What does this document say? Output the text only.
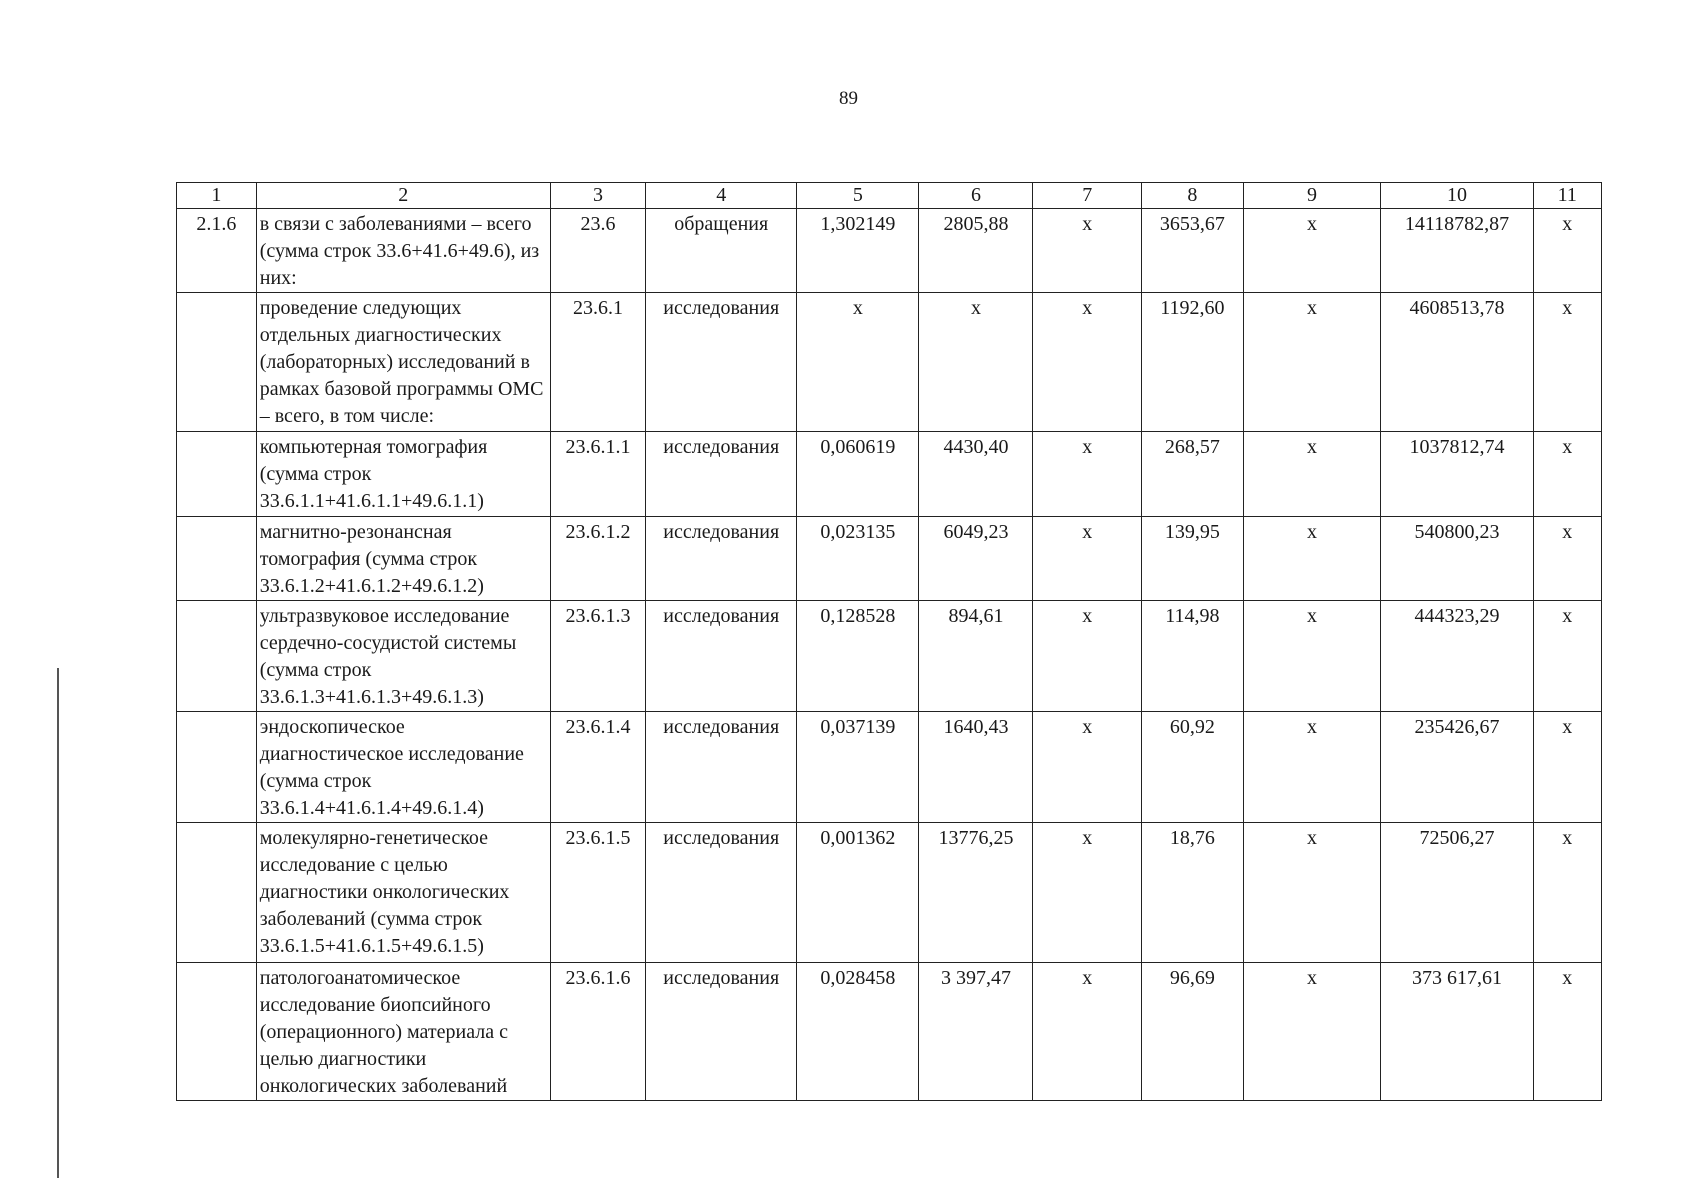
89
1	2	3	4	5	6	7	8	9	10	11
2.1.6	в связи с заболеваниями – всего (сумма строк 33.6+41.6+49.6), из них:	23.6	обращения	1,302149	2805,88	х	3653,67	х	14118782,87	х
	проведение следующих отдельных диагностических (лабораторных) исследований в рамках базовой программы ОМС – всего, в том числе:	23.6.1	исследования	х	х	х	1192,60	х	4608513,78	х
	компьютерная томография (сумма строк 33.6.1.1+41.6.1.1+49.6.1.1)	23.6.1.1	исследования	0,060619	4430,40	х	268,57	х	1037812,74	х
	магнитно-резонансная томография (сумма строк 33.6.1.2+41.6.1.2+49.6.1.2)	23.6.1.2	исследования	0,023135	6049,23	х	139,95	х	540800,23	х
	ультразвуковое исследование сердечно-сосудистой системы (сумма строк 33.6.1.3+41.6.1.3+49.6.1.3)	23.6.1.3	исследования	0,128528	894,61	х	114,98	х	444323,29	х
	эндоскопическое диагностическое исследование (сумма строк 33.6.1.4+41.6.1.4+49.6.1.4)	23.6.1.4	исследования	0,037139	1640,43	х	60,92	х	235426,67	х
	молекулярно-генетическое исследование с целью диагностики онкологических заболеваний (сумма строк 33.6.1.5+41.6.1.5+49.6.1.5)	23.6.1.5	исследования	0,001362	13776,25	х	18,76	х	72506,27	х
	патологоанатомическое исследование биопсийного (операционного) материала с целью диагностики онкологических заболеваний	23.6.1.6	исследования	0,028458	3 397,47	х	96,69	х	373 617,61	х
